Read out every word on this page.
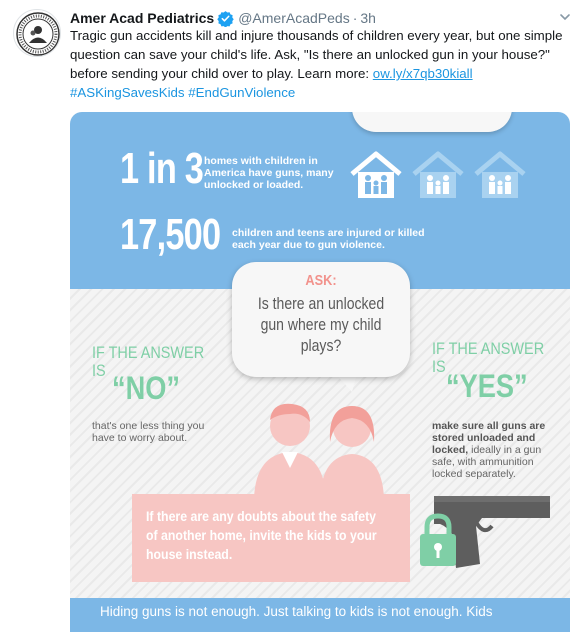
Amer Acad Pediatrics @AmerAcadPeds · 3h
Tragic gun accidents kill and injure thousands of children every year, but one simple question can save your child's life. Ask, "Is there an unlocked gun in your house?" before sending your child over to play. Learn more: ow.ly/x7qb30kiall
#ASKingSavesKids #EndGunViolence
1 in 3 homes with children in America have guns, many unlocked or loaded.
17,500 children and teens are injured or killed each year due to gun violence.
ASK:
Is there an unlocked gun where my child plays?
IF THE ANSWER IS “NO”
that's one less thing you have to worry about.
IF THE ANSWER IS
“YES”
make sure all guns are stored unloaded and locked, ideally in a gun safe, with ammunition locked separately.
If there are any doubts about the safety of another home, invite the kids to your house instead.
Hiding guns is not enough. Just talking to kids is not enough. Kids
